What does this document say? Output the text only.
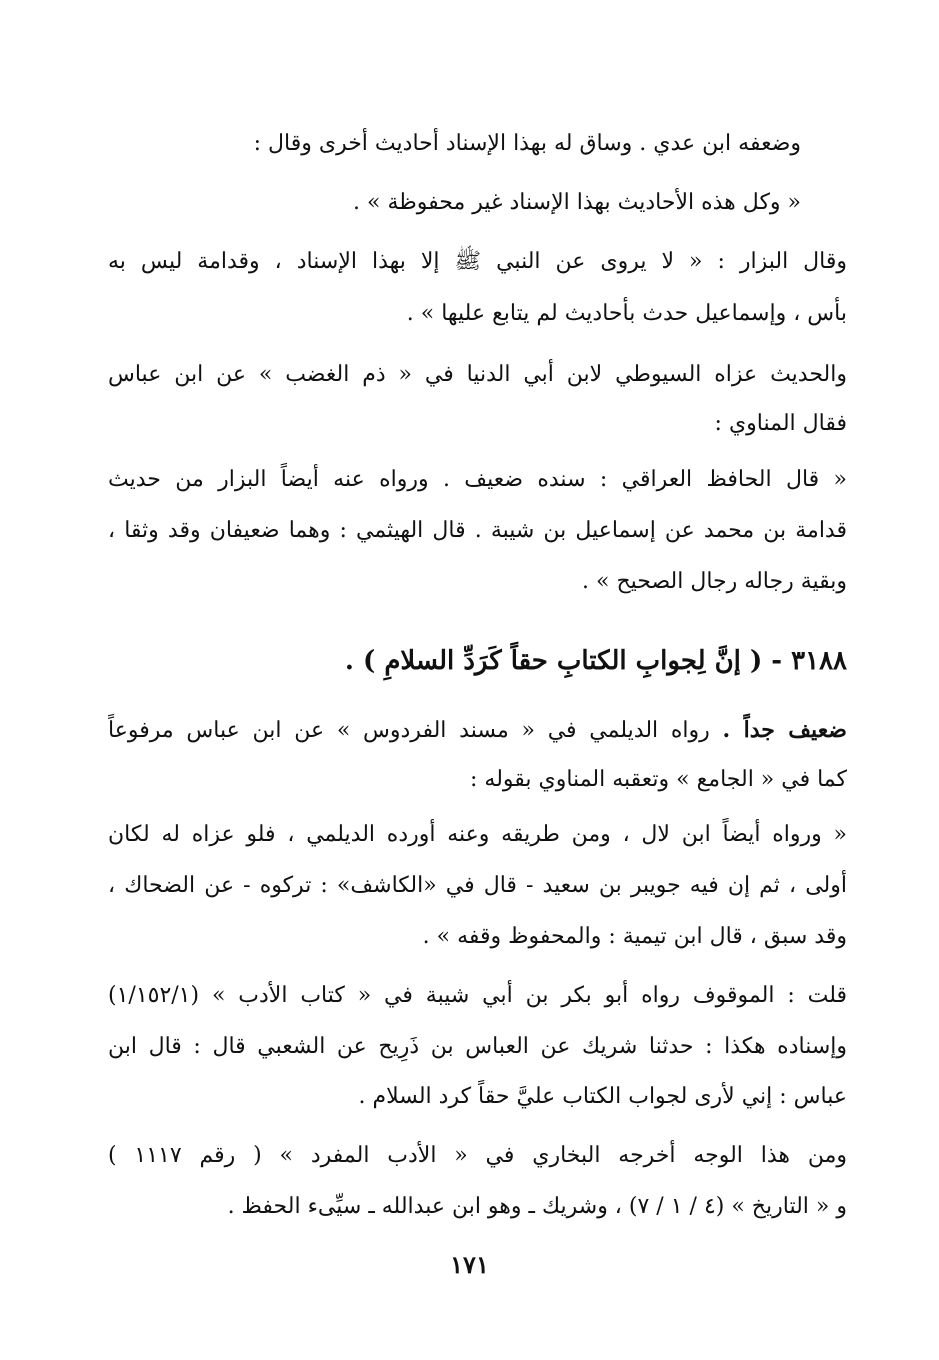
وضعفه ابن عدي . وساق له بهذا الإسناد أحاديث أخرى وقال :
« وكل هذه الأحاديث بهذا الإسناد غير محفوظة » .
وقال البزار : « لا يروى عن النبي ﷺ إلا بهذا الإسناد ، وقدامة ليس به
بأس ، وإسماعيل حدث بأحاديث لم يتابع عليها » .
والحديث عزاه السيوطي لابن أبي الدنيا في « ذم الغضب » عن ابن عباس
فقال المناوي :
« قال الحافظ العراقي : سنده ضعيف . ورواه عنه أيضاً البزار من حديث
قدامة بن محمد عن إسماعيل بن شيبة . قال الهيثمي : وهما ضعيفان وقد وثقا ،
وبقية رجاله رجال الصحيح » .
٣١٨٨ - ( إنَّ لِجوابِ الكتابِ حقاً كَرَدِّ السلامِ ) .
ضعيف جداً . رواه الديلمي في « مسند الفردوس » عن ابن عباس مرفوعاً
كما في « الجامع » وتعقبه المناوي بقوله :
« ورواه أيضاً ابن لال ، ومن طريقه وعنه أورده الديلمي ، فلو عزاه له لكان
أولى ، ثم إن فيه جويبر بن سعيد - قال في «الكاشف» : تركوه - عن الضحاك ،
وقد سبق ، قال ابن تيمية : والمحفوظ وقفه » .
قلت : الموقوف رواه أبو بكر بن أبي شيبة في « كتاب الأدب » (١/١٥٢/١)
وإسناده هكذا : حدثنا شريك عن العباس بن ذَرِيح عن الشعبي قال : قال ابن
عباس : إني لأرى لجواب الكتاب عليَّ حقاً كرد السلام .
ومن هذا الوجه أخرجه البخاري في « الأدب المفرد » ( رقم ١١١٧ )
و « التاريخ » (٤ / ١ / ٧) ، وشريك ـ وهو ابن عبدالله ـ سيِّىء الحفظ .
١٧١
